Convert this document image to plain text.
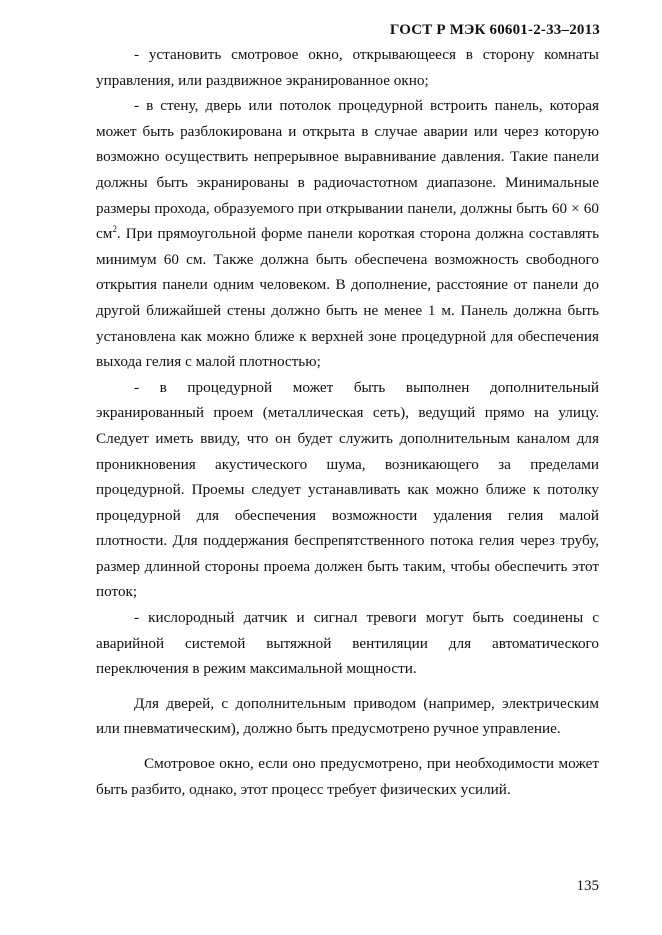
ГОСТ Р МЭК 60601-2-33–2013

- установить смотровое окно, открывающееся в сторону комнаты управления, или раздвижное экранированное окно;

- в стену, дверь или потолок процедурной встроить панель, которая может быть разблокирована и открыта в случае аварии или через которую возможно осуществить непрерывное выравнивание давления. Такие панели должны быть экранированы в радиочастотном диапазоне. Минимальные размеры прохода, образуемого при открывании панели, должны быть 60 × 60 $см^2$. При прямоугольной форме панели короткая сторона должна составлять минимум 60 см. Также должна быть обеспечена возможность свободного открытия панели одним человеком. В дополнение, расстояние от панели до другой ближайшей стены должно быть не менее 1 м. Панель должна быть установлена как можно ближе к верхней зоне процедурной для обеспечения выхода гелия с малой плотностью;

- в процедурной может быть выполнен дополнительный экранированный проем (металлическая сеть), ведущий прямо на улицу. Следует иметь ввиду, что он будет служить дополнительным каналом для проникновения акустического шума, возникающего за пределами процедурной. Проемы следует устанавливать как можно ближе к потолку процедурной для обеспечения возможности удаления гелия малой плотности. Для поддержания беспрепятственного потока гелия через трубу, размер длинной стороны проема должен быть таким, чтобы обеспечить этот поток;

- кислородный датчик и сигнал тревоги могут быть соединены с аварийной системой вытяжной вентиляции для автоматического переключения в режим максимальной мощности.

Для дверей, с дополнительным приводом (например, электрическим или пневматическим), должно быть предусмотрено ручное управление.

Смотровое окно, если оно предусмотрено, при необходимости может быть разбито, однако, этот процесс требует физических усилий.

135
